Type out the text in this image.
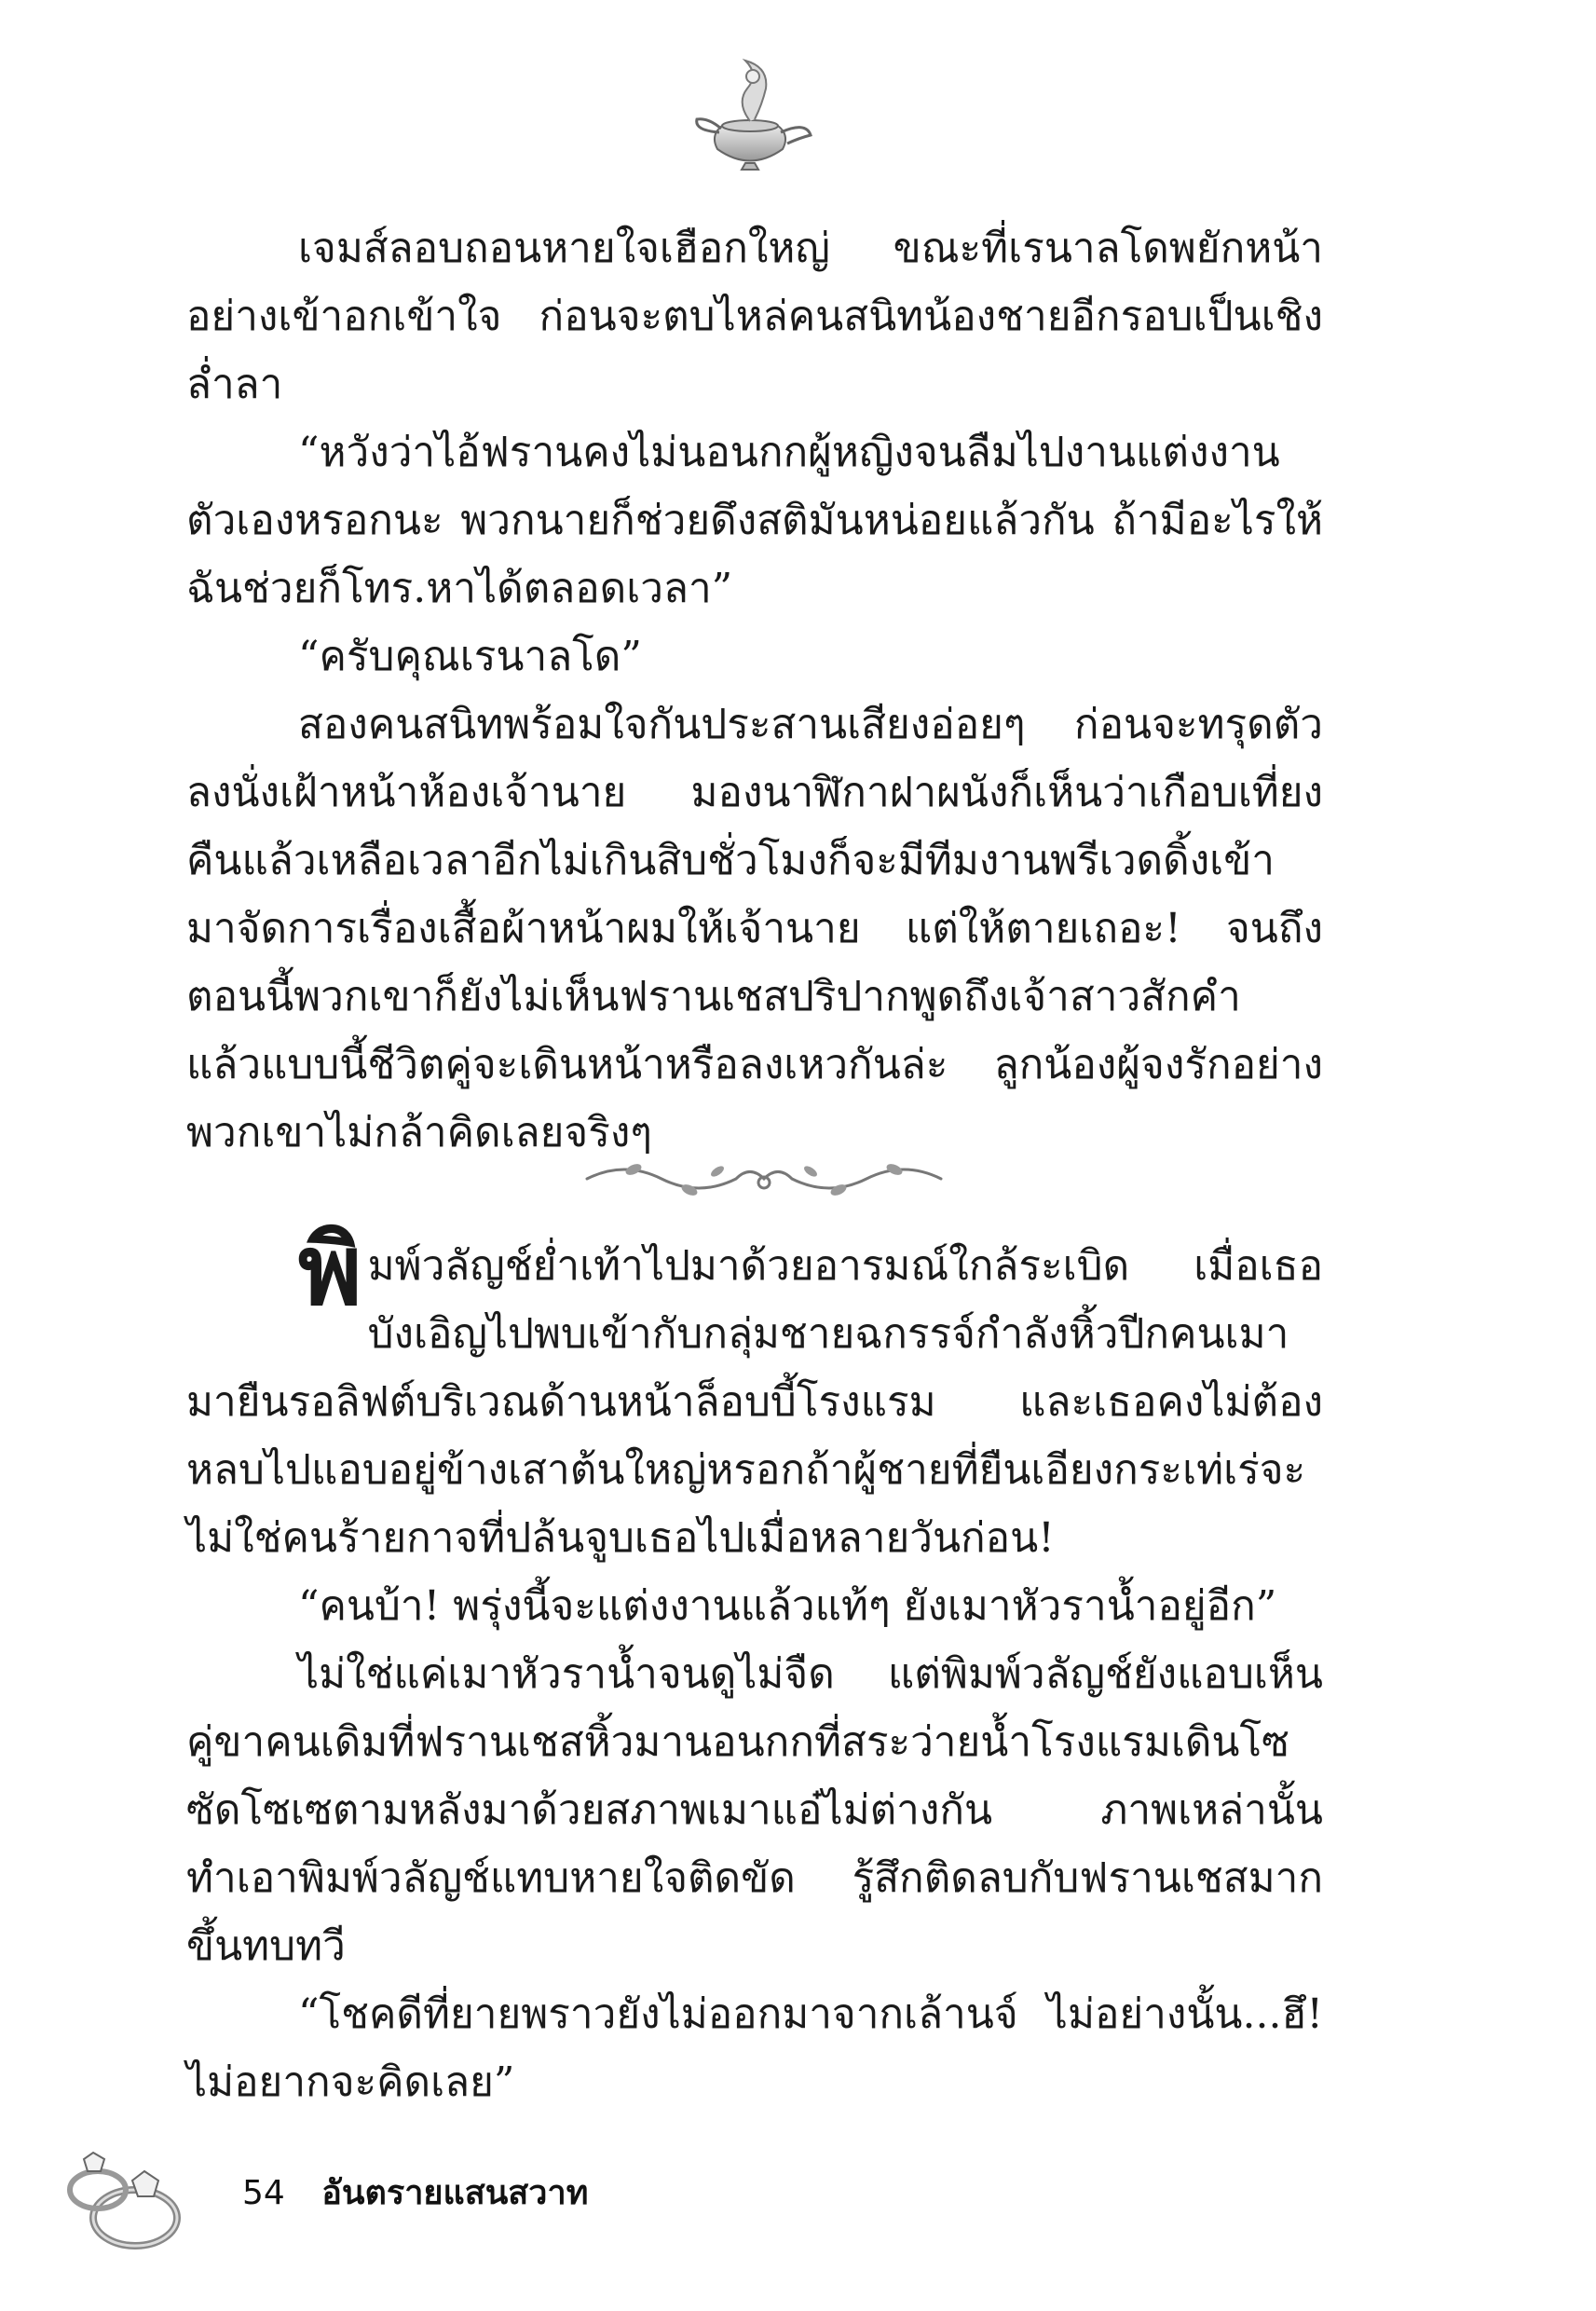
เจมส์ลอบถอนหายใจเฮือกใหญ่ ขณะที่เรนาลโดพยักหน้าอย่างเข้าอกเข้าใจ ก่อนจะตบไหล่คนสนิทน้องชายอีกรอบเป็นเชิงล่ำลา

“หวังว่าไอ้ฟรานคงไม่นอนกกผู้หญิงจนลืมไปงานแต่งงานตัวเองหรอกนะ พวกนายก็ช่วยดึงสติมันหน่อยแล้วกัน ถ้ามีอะไรให้ฉันช่วยก็โทร.หาได้ตลอดเวลา”

“ครับคุณเรนาลโด”

สองคนสนิทพร้อมใจกันประสานเสียงอ่อยๆ ก่อนจะทรุดตัวลงนั่งเฝ้าหน้าห้องเจ้านาย มองนาฬิกาฝาผนังก็เห็นว่าเกือบเที่ยงคืนแล้วเหลือเวลาอีกไม่เกินสิบชั่วโมงก็จะมีทีมงานพรีเวดดิ้งเข้ามาจัดการเรื่องเสื้อผ้าหน้าผมให้เจ้านาย แต่ให้ตายเถอะ! จนถึงตอนนี้พวกเขาก็ยังไม่เห็นฟรานเชสปริปากพูดถึงเจ้าสาวสักคำ แล้วแบบนี้ชีวิตคู่จะเดินหน้าหรือลงเหวกันล่ะ ลูกน้องผู้จงรักอย่างพวกเขาไม่กล้าคิดเลยจริงๆ

พิมพ์วลัญช์ย่ำเท้าไปมาด้วยอารมณ์ใกล้ระเบิด เมื่อเธอบังเอิญไปพบเข้ากับกลุ่มชายฉกรรจ์กำลังหิ้วปีกคนเมามายืนรอลิฟต์บริเวณด้านหน้าล็อบบี้โรงแรม และเธอคงไม่ต้องหลบไปแอบอยู่ข้างเสาต้นใหญ่หรอกถ้าผู้ชายที่ยืนเอียงกระเท่เร่จะไม่ใช่คนร้ายกาจที่ปล้นจูบเธอไปเมื่อหลายวันก่อน!

“คนบ้า! พรุ่งนี้จะแต่งงานแล้วแท้ๆ ยังเมาหัวราน้ำอยู่อีก”

ไม่ใช่แค่เมาหัวราน้ำจนดูไม่จืด แต่พิมพ์วลัญช์ยังแอบเห็นคู่ขาคนเดิมที่ฟรานเชสหิ้วมานอนกกที่สระว่ายน้ำโรงแรมเดินโซซัดโซเซตามหลังมาด้วยสภาพเมาแอ๋ไม่ต่างกัน ภาพเหล่านั้นทำเอาพิมพ์วลัญช์แทบหายใจติดขัด รู้สึกติดลบกับฟรานเชสมากขึ้นทบทวี

“โชคดีที่ยายพราวยังไม่ออกมาจากเล้านจ์ ไม่อย่างนั้น...ฮึ! ไม่อยากจะคิดเลย”

54 อันตรายแสนสวาท
